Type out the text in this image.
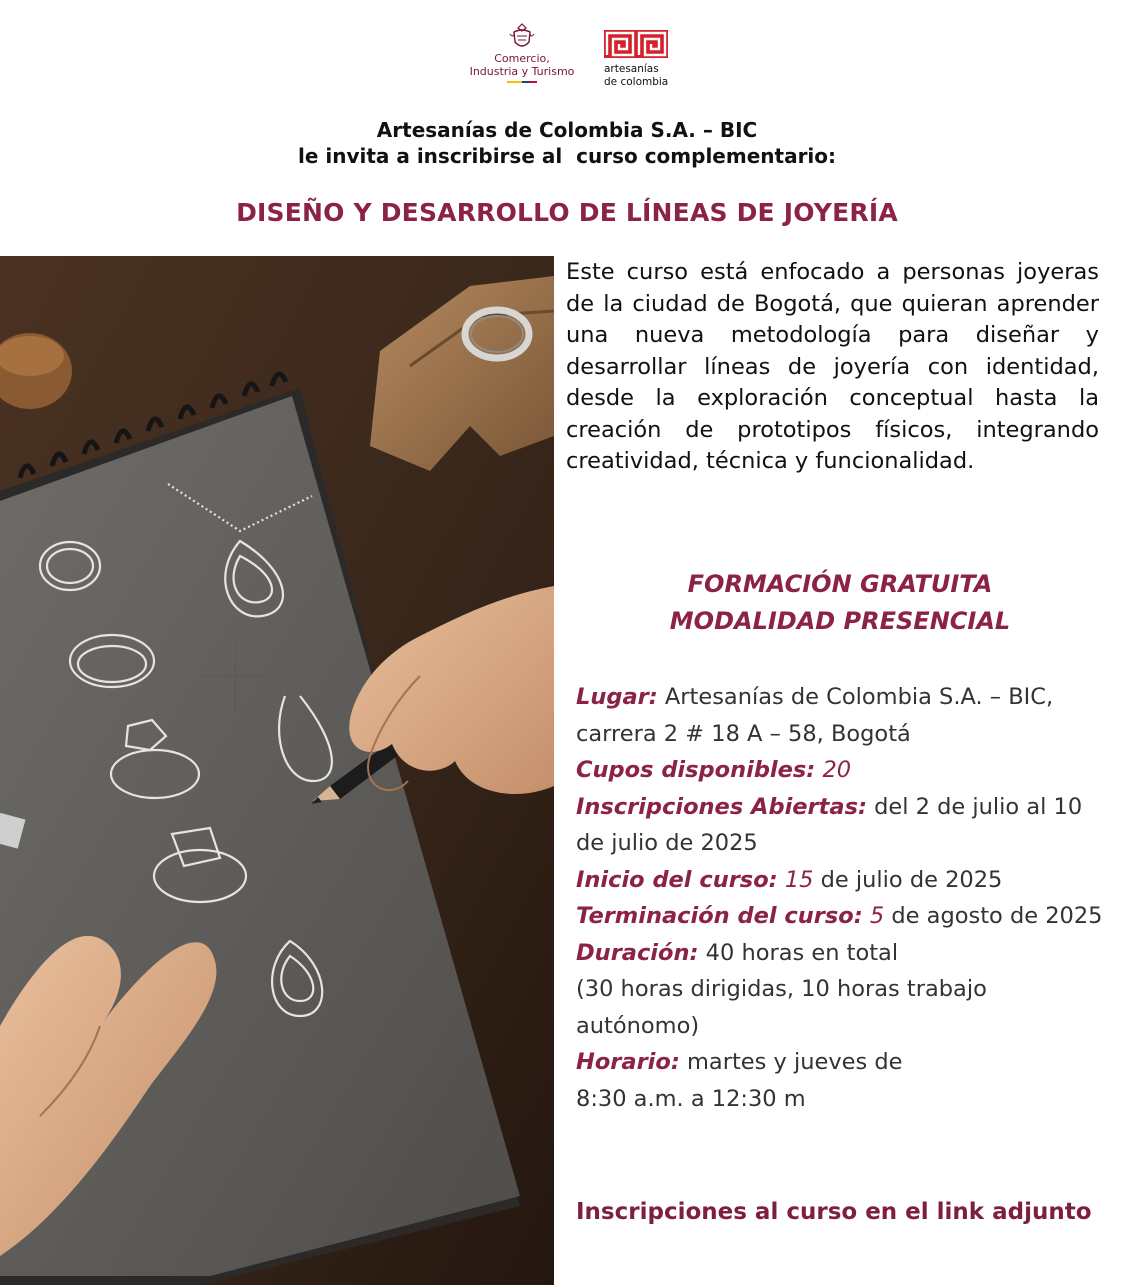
Comercio,
Industria y Turismo	artesanías
de colombia
Artesanías de Colombia S.A. – BIC
le invita a inscribirse al  curso complementario:
DISEÑO Y DESARROLLO DE LÍNEAS DE JOYERÍA
Este curso está enfocado a personas joyeras de la ciudad de Bogotá, que quieran aprender una nueva metodología para diseñar y desarrollar líneas de joyería con identidad, desde la exploración conceptual hasta la creación de prototipos físicos, integrando creatividad, técnica y funcionalidad.
FORMACIÓN GRATUITA
MODALIDAD PRESENCIAL
Lugar: Artesanías de Colombia S.A. – BIC, carrera 2 # 18 A – 58, Bogotá
Cupos disponibles: 20
Inscripciones Abiertas: del 2 de julio al 10 de julio de 2025
Inicio del curso: 15 de julio de 2025
Terminación del curso: 5 de agosto de 2025
Duración: 40 horas en total
(30 horas dirigidas, 10 horas trabajo autónomo)
Horario: martes y jueves de
8:30 a.m. a 12:30 m
Inscripciones al curso en el link adjunto
